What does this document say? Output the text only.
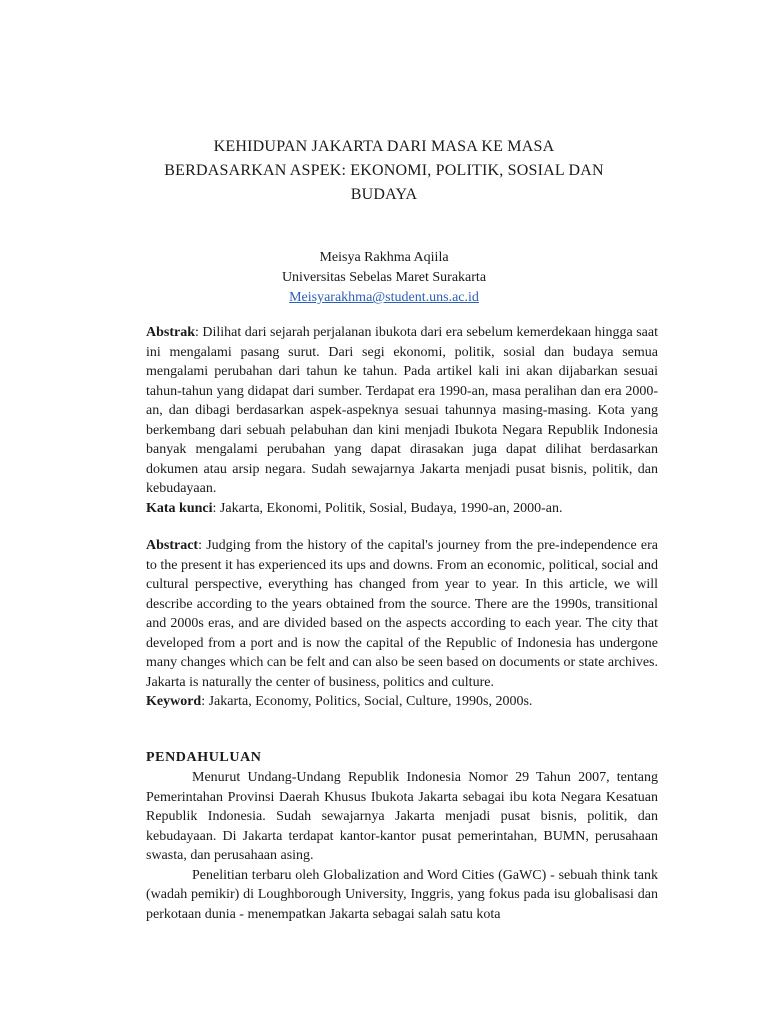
KEHIDUPAN JAKARTA DARI MASA KE MASA
BERDASARKAN ASPEK: EKONOMI, POLITIK, SOSIAL DAN
BUDAYA
Meisya Rakhma Aqiila
Universitas Sebelas Maret Surakarta
Meisyarakhma@student.uns.ac.id

Abstrak: Dilihat dari sejarah perjalanan ibukota dari era sebelum kemerdekaan hingga saat ini mengalami pasang surut. Dari segi ekonomi, politik, sosial dan budaya semua mengalami perubahan dari tahun ke tahun. Pada artikel kali ini akan dijabarkan sesuai tahun-tahun yang didapat dari sumber. Terdapat era 1990-an, masa peralihan dan era 2000-an, dan dibagi berdasarkan aspek-aspeknya sesuai tahunnya masing-masing. Kota yang berkembang dari sebuah pelabuhan dan kini menjadi Ibukota Negara Republik Indonesia banyak mengalami perubahan yang dapat dirasakan juga dapat dilihat berdasarkan dokumen atau arsip negara. Sudah sewajarnya Jakarta menjadi pusat bisnis, politik, dan kebudayaan.

Kata kunci: Jakarta, Ekonomi, Politik, Sosial, Budaya, 1990-an, 2000-an.

Abstract: Judging from the history of the capital's journey from the pre-independence era to the present it has experienced its ups and downs. From an economic, political, social and cultural perspective, everything has changed from year to year. In this article, we will describe according to the years obtained from the source. There are the 1990s, transitional and 2000s eras, and are divided based on the aspects according to each year. The city that developed from a port and is now the capital of the Republic of Indonesia has undergone many changes which can be felt and can also be seen based on documents or state archives. Jakarta is naturally the center of business, politics and culture.

Keyword: Jakarta, Economy, Politics, Social, Culture, 1990s, 2000s.

PENDAHULUAN

Menurut Undang-Undang Republik Indonesia Nomor 29 Tahun 2007, tentang Pemerintahan Provinsi Daerah Khusus Ibukota Jakarta sebagai ibu kota Negara Kesatuan Republik Indonesia. Sudah sewajarnya Jakarta menjadi pusat bisnis, politik, dan kebudayaan. Di Jakarta terdapat kantor-kantor pusat pemerintahan, BUMN, perusahaan swasta, dan perusahaan asing.

Penelitian terbaru oleh Globalization and Word Cities (GaWC) - sebuah think tank (wadah pemikir) di Loughborough University, Inggris, yang fokus pada isu globalisasi dan perkotaan dunia - menempatkan Jakarta sebagai salah satu kota
